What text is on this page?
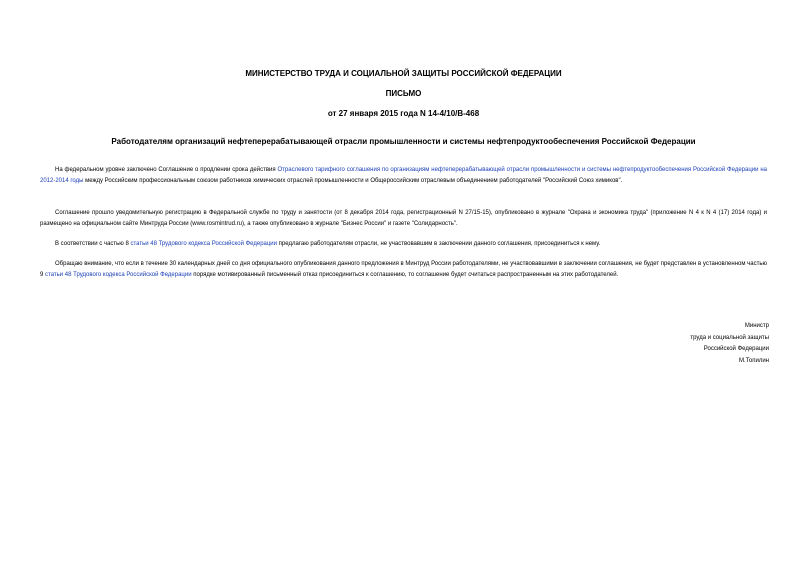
МИНИСТЕРСТВО ТРУДА И СОЦИАЛЬНОЙ ЗАЩИТЫ РОССИЙСКОЙ ФЕДЕРАЦИИ
ПИСЬМО
от 27 января 2015 года N 14-4/10/В-468
Работодателям организаций нефтеперерабатывающей отрасли промышленности и системы нефтепродуктообеспечения Российской Федерации
На федеральном уровне заключено Соглашение о продлении срока действия Отраслевого тарифного соглашения по организациям нефтеперерабатывающей отрасли промышленности и системы нефтепродуктообеспечения Российской Федерации на 2012-2014 годы между Российским профессиональным союзом работников химических отраслей промышленности и Общероссийским отраслевым объединением работодателей "Российский Союз химиков".
Соглашение прошло уведомительную регистрацию в Федеральной службе по труду и занятости (от 8 декабря 2014 года, регистрационный N 27/15-15), опубликовано в журнале "Охрана и экономика труда" (приложение N 4 к N 4 (17) 2014 года) и размещено на официальном сайте Минтруда России (www.rosmintrud.ru), а также опубликовано в журнале "Бизнес России" и газете "Солидарность".
В соответствии с частью 8 статьи 48 Трудового кодекса Российской Федерации предлагаю работодателям отрасли, не участвовавшим в заключении данного соглашения, присоединиться к нему.
Обращаю внимание, что если в течение 30 календарных дней со дня официального опубликования данного предложения в Минтруд России работодателями, не участвовавшими в заключении соглашения, не будет представлен в установленном частью 9 статьи 48 Трудового кодекса Российской Федерации порядке мотивированный письменный отказ присоединиться к соглашению, то соглашение будет считаться распространенным на этих работодателей.
Министр
труда и социальной защиты
Российской Федерации
М.Топилин
